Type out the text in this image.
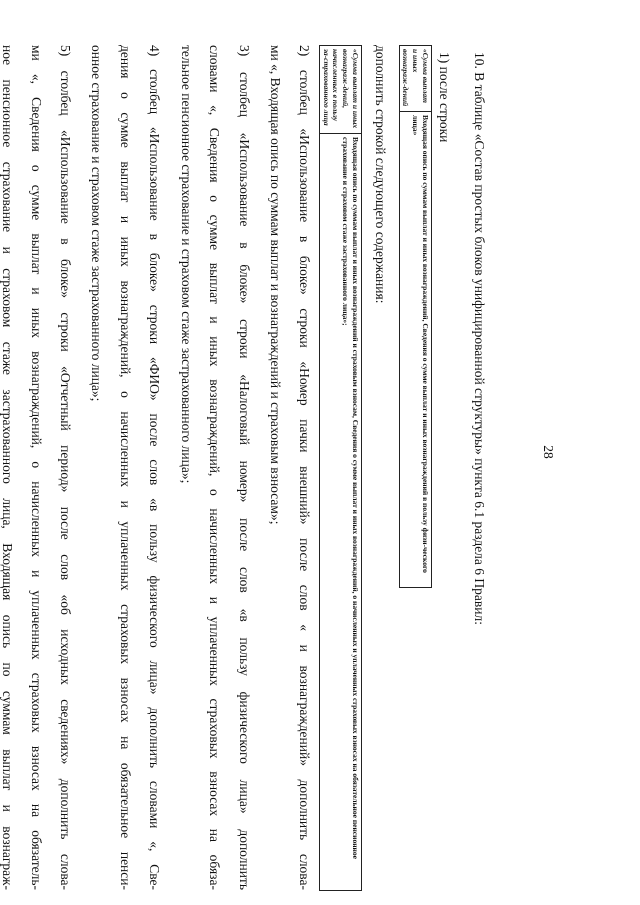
28
10. В таблице «Состав простых блоков унифицированной структуры» пункта 6.1 раздела 6 Правил:
1) после строки
«Сумма выплат и иных вознаграж-дений	Входящая опись по суммам выплат и иных вознаграждений, Сведения о сумме выплат и иных вознаграждений в пользу физи-ческого лица»
дополнить строкой следующего содержания:
«Сумма выплат и иных вознаграж-дений, начисленных в пользу за-страхованного лица	Входящая опись по суммам выплат и иных вознаграждений и страховым взносам, Сведения о сумме выплат и иных вознаграждений, о начисленных и уплаченных страховых взносах на обязательное пенсионное страхование и страховом стаже застрахованного лица»;
2) столбец «Использование в блоке» строки «Номер пачки внешний» после слов « и вознаграждений» дополнить слова-
ми «, Входящая опись по суммам выплат и вознаграждений и страховым взносам»;
3) столбец «Использование в блоке» строки «Налоговый номер» после слов «в пользу физического лица» дополнить
словами «, Сведения о сумме выплат и иных вознаграждений, о начисленных и уплаченных страховых взносах на обяза-
тельное пенсионное страхование и страховом стаже застрахованного лица»;
4) столбец «Использование в блоке» строки «ФИО» после слов «в пользу физического лица» дополнить словами «, Све-
дения о сумме выплат и иных вознаграждений, о начисленных и уплаченных страховых взносах на обязательное пенси-
онное страхование и страховом стаже застрахованного лица»;
5) столбец «Использование в блоке» строки «Отчетный период» после слов «об исходных сведениях» дополнить слова-
ми «, Сведения о сумме выплат и иных вознаграждений, о начисленных и уплаченных страховых взносах на обязатель-
ное пенсионное страхование и страховом стаже застрахованного лица, Входящая опись по суммам выплат и вознаграж-
